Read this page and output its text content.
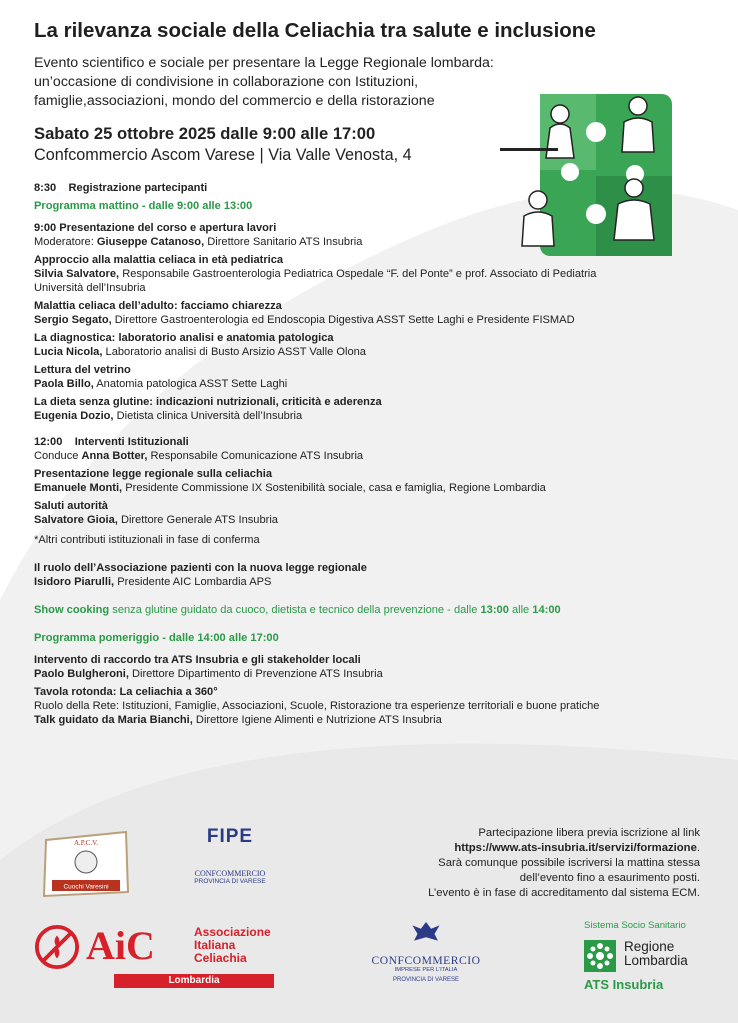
La rilevanza sociale della Celiachia tra salute e inclusione
Evento scientifico e sociale per presentare la Legge Regionale lombarda:
un’occasione di condivisione in collaborazione con Istituzioni,
famiglie,associazioni, mondo del commercio e della ristorazione
Sabato 25 ottobre 2025 dalle 9:00 alle 17:00
Confcommercio Ascom Varese | Via Valle Venosta, 4
8:30    Registrazione partecipanti
Programma mattino - dalle 9:00 alle 13:00
9:00 Presentazione del corso e apertura lavori
Moderatore: Giuseppe Catanoso, Direttore Sanitario ATS Insubria
Approccio alla malattia celiaca in età pediatrica
Silvia Salvatore, Responsabile Gastroenterologia Pediatrica Ospedale “F. del Ponte” e prof. Associato di Pediatria
Università dell’Insubria
Malattia celiaca dell’adulto: facciamo chiarezza
Sergio Segato, Direttore Gastroenterologia ed Endoscopia Digestiva ASST Sette Laghi e Presidente FISMAD
La diagnostica: laboratorio analisi e anatomia patologica
Lucia Nicola, Laboratorio analisi di Busto Arsizio ASST Valle Olona
Lettura del vetrino
Paola Billo, Anatomia patologica ASST Sette Laghi
La dieta senza glutine: indicazioni nutrizionali, criticità e aderenza
Eugenia Dozio, Dietista clinica Università dell’Insubria
12:00    Interventi Istituzionali
Conduce Anna Botter, Responsabile Comunicazione ATS Insubria
Presentazione legge regionale sulla celiachia
Emanuele Monti, Presidente Commissione IX Sostenibilità sociale, casa e famiglia, Regione Lombardia
Saluti autorità
Salvatore Gioia, Direttore Generale ATS Insubria
*Altri contributi istituzionali in fase di conferma
Il ruolo dell’Associazione pazienti con la nuova legge regionale
Isidoro Piarulli, Presidente AIC Lombardia APS
Show cooking senza glutine guidato da cuoco, dietista e tecnico della prevenzione - dalle 13:00 alle 14:00
Programma pomeriggio - dalle 14:00 alle 17:00
Intervento di raccordo tra ATS Insubria e gli stakeholder locali
Paolo Bulgheroni, Direttore Dipartimento di Prevenzione ATS Insubria
Tavola rotonda: La celiachia a 360°
Ruolo della Rete: Istituzioni, Famiglie, Associazioni, Scuole, Ristorazione tra esperienze territoriali e buone pratiche
Talk guidato da Maria Bianchi, Direttore Igiene Alimenti e Nutrizione ATS Insubria
Partecipazione libera previa iscrizione al link
https://www.ats-insubria.it/servizi/formazione.
Sarà comunque possibile iscriversi la mattina stessa
dell’evento fino a esaurimento posti.
L’evento è in fase di accreditamento dal sistema ECM.
A.P.C.V.
Cuochi Varesini
FIPE
CONFCOMMERCIO
PROVINCIA DI VARESE
AiC	Associazione
Italiana
Celiachia
Lombardia
CONFCOMMERCIO
IMPRESE PER L’ITALIA
PROVINCIA DI VARESE
Sistema Socio Sanitario
Regione
Lombardia
ATS Insubria
